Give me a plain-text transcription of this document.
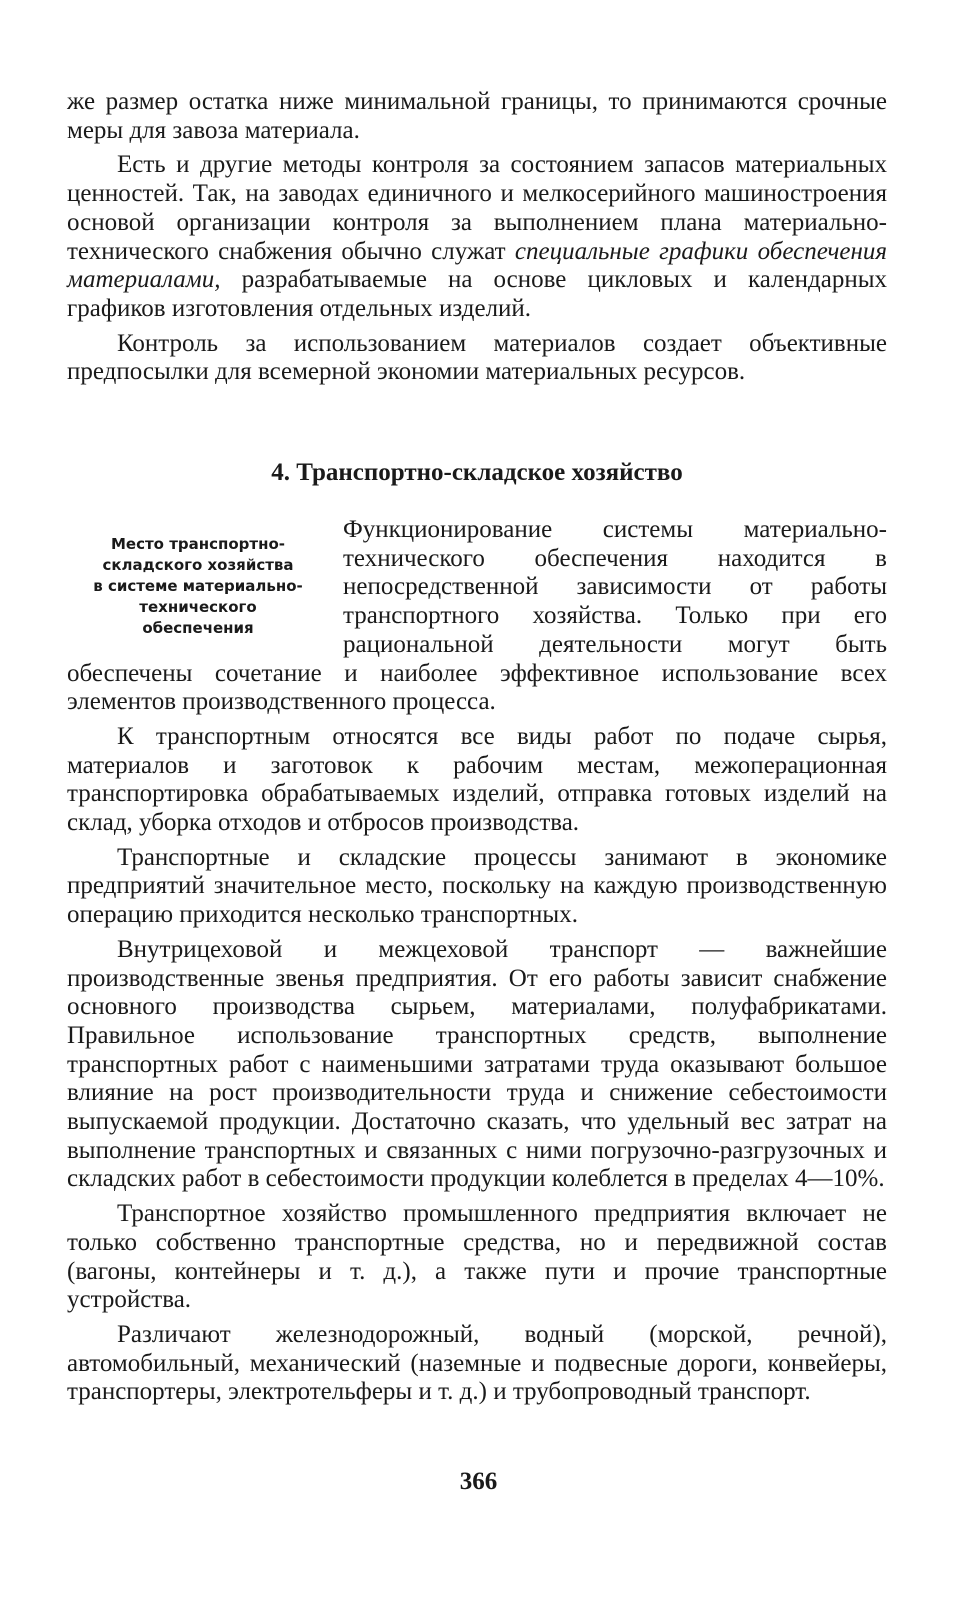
же размер остатка ниже минимальной границы, то принимаются срочные меры для завоза материала.

Есть и другие методы контроля за состоянием запасов материальных ценностей. Так, на заводах единичного и мелкосерийного машиностроения основой организации контроля за выполнением плана материально-технического снабжения обычно служат специальные графики обеспечения материалами, разрабатываемые на основе цикловых и календарных графиков изготовления отдельных изделий.

Контроль за использованием материалов создает объективные предпосылки для всемерной экономии материальных ресурсов.

4. Транспортно-складское хозяйство
Место транспортно-
складского хозяйства
в системе материально-
технического
обеспечения

Функционирование системы материально-технического обеспечения находится в непосредственной зависимости от работы транспортного хозяйства. Только при его рациональной деятельности могут быть обеспечены сочетание и наиболее эффективное использование всех элементов производственного процесса.

К транспортным относятся все виды работ по подаче сырья, материалов и заготовок к рабочим местам, межоперационная транспортировка обрабатываемых изделий, отправка готовых изделий на склад, уборка отходов и отбросов производства.

Транспортные и складские процессы занимают в экономике предприятий значительное место, поскольку на каждую производственную операцию приходится несколько транспортных.

Внутрицеховой и межцеховой транспорт — важнейшие производственные звенья предприятия. От его работы зависит снабжение основного производства сырьем, материалами, полуфабрикатами. Правильное использование транспортных средств, выполнение транспортных работ с наименьшими затратами труда оказывают большое влияние на рост производительности труда и снижение себестоимости выпускаемой продукции. Достаточно сказать, что удельный вес затрат на выполнение транспортных и связанных с ними погрузочно-разгрузочных и складских работ в себестоимости продукции колеблется в пределах 4—10%.

Транспортное хозяйство промышленного предприятия включает не только собственно транспортные средства, но и передвижной состав (вагоны, контейнеры и т. д.), а также пути и прочие транспортные устройства.

Различают железнодорожный, водный (морской, речной), автомобильный, механический (наземные и подвесные дороги, конвейеры, транспортеры, электротельферы и т. д.) и трубопроводный транспорт.

366
